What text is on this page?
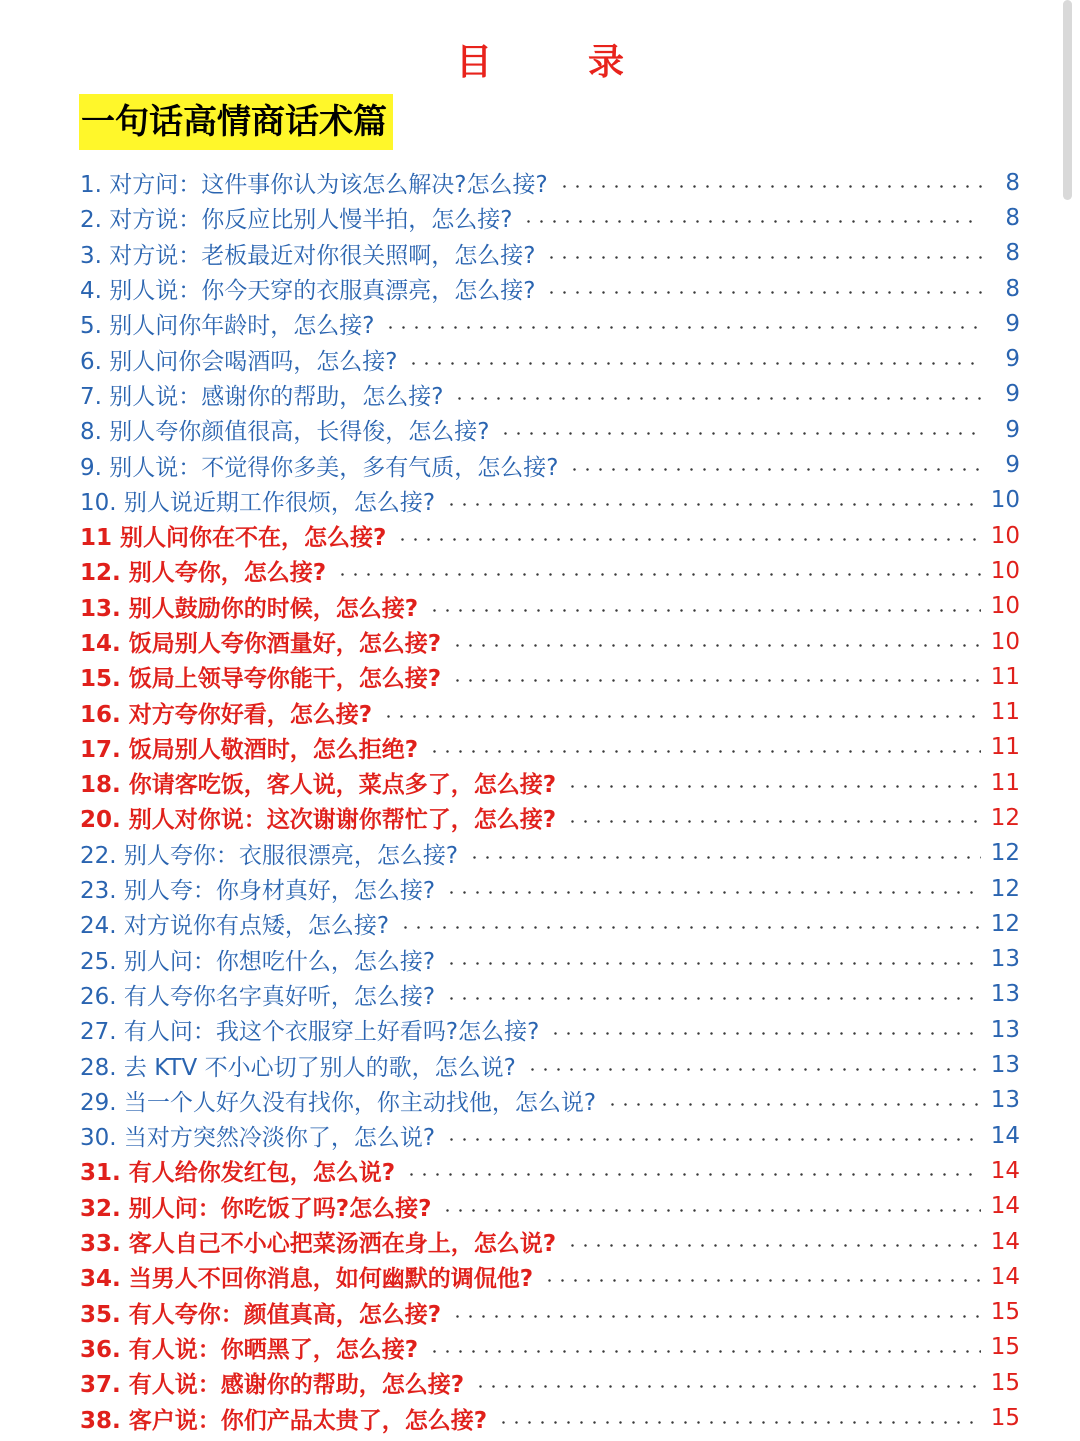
目　录
一句话高情商话术篇
1. 对方问：这件事你认为该怎么解决?怎么接?	8
2. 对方说：你反应比别人慢半拍，怎么接?	8
3. 对方说：老板最近对你很关照啊，怎么接?	8
4. 别人说：你今天穿的衣服真漂亮，怎么接?	8
5. 别人问你年龄时，怎么接?	9
6. 别人问你会喝酒吗，怎么接?	9
7. 别人说：感谢你的帮助，怎么接?	9
8. 别人夸你颜值很高，长得俊，怎么接?	9
9. 别人说：不觉得你多美，多有气质，怎么接?	9
10. 别人说近期工作很烦，怎么接?	10
11 别人问你在不在，怎么接?	10
12. 别人夸你，怎么接?	10
13. 别人鼓励你的时候，怎么接?	10
14. 饭局别人夸你酒量好，怎么接?	10
15. 饭局上领导夸你能干，怎么接?	11
16. 对方夸你好看，怎么接?	11
17. 饭局别人敬酒时，怎么拒绝?	11
18. 你请客吃饭，客人说，菜点多了，怎么接?	11
20. 别人对你说：这次谢谢你帮忙了，怎么接?	12
22. 别人夸你：衣服很漂亮，怎么接?	12
23. 别人夸：你身材真好，怎么接?	12
24. 对方说你有点矮，怎么接?	12
25. 别人问：你想吃什么，怎么接?	13
26. 有人夸你名字真好听，怎么接?	13
27. 有人问：我这个衣服穿上好看吗?怎么接?	13
28. 去 KTV 不小心切了别人的歌，怎么说?	13
29. 当一个人好久没有找你，你主动找他，怎么说?	13
30. 当对方突然冷淡你了，怎么说?	14
31. 有人给你发红包，怎么说?	14
32. 别人问：你吃饭了吗?怎么接?	14
33. 客人自己不小心把菜汤洒在身上，怎么说?	14
34. 当男人不回你消息，如何幽默的调侃他?	14
35. 有人夸你：颜值真高，怎么接?	15
36. 有人说：你晒黑了，怎么接?	15
37. 有人说：感谢你的帮助，怎么接?	15
38. 客户说：你们产品太贵了，怎么接?	15
